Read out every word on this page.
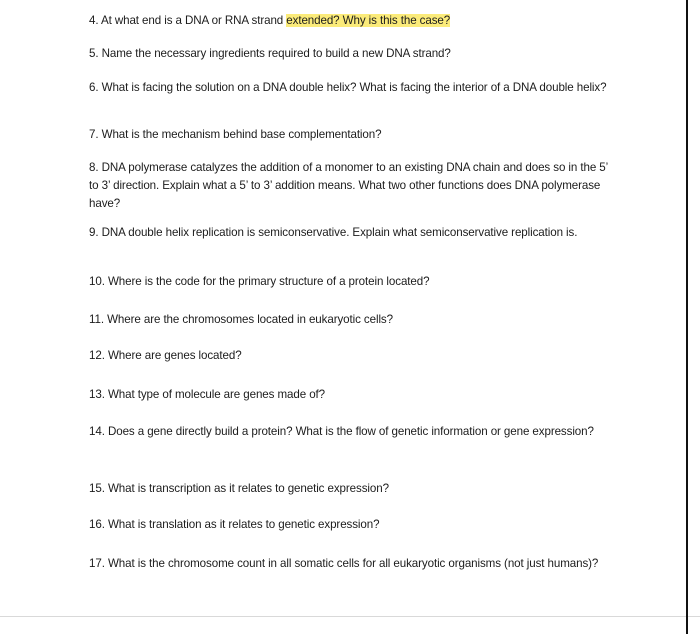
4. At what end is a DNA or RNA strand extended? Why is this the case?

5. Name the necessary ingredients required to build a new DNA strand?

6. What is facing the solution on a DNA double helix? What is facing the interior of a DNA double helix?

7. What is the mechanism behind base complementation?

8. DNA polymerase catalyzes the addition of a monomer to an existing DNA chain and does so in the 5’ to 3’ direction. Explain what a 5’ to 3’ addition means. What two other functions does DNA polymerase have?

9. DNA double helix replication is semiconservative. Explain what semiconservative replication is.

10. Where is the code for the primary structure of a protein located?

11. Where are the chromosomes located in eukaryotic cells?

12. Where are genes located?

13. What type of molecule are genes made of?

14. Does a gene directly build a protein? What is the flow of genetic information or gene expression?

15. What is transcription as it relates to genetic expression?

16. What is translation as it relates to genetic expression?

17. What is the chromosome count in all somatic cells for all eukaryotic organisms (not just humans)?
